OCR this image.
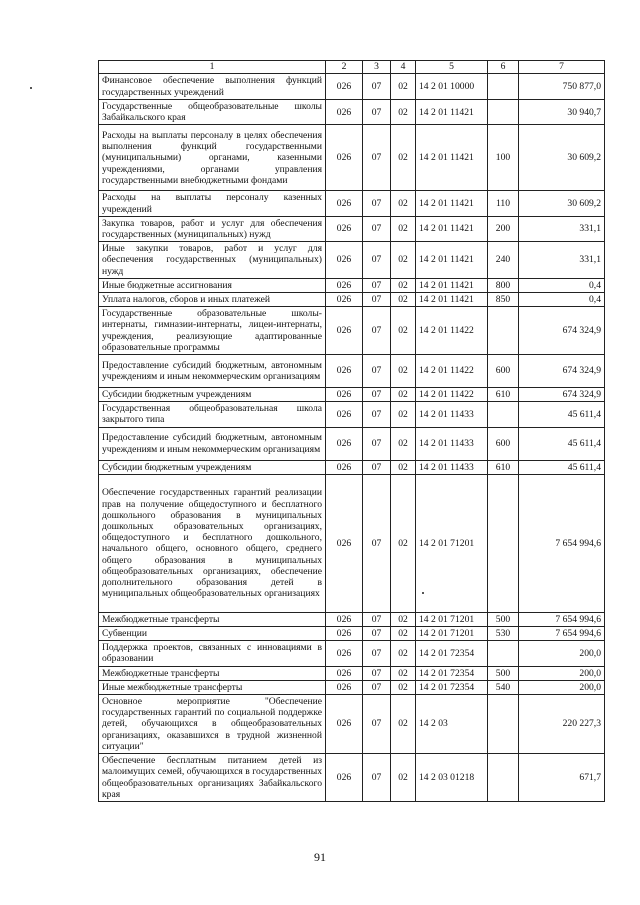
1	2	3	4	5	6	7
Финансовое обеспечение выполнения функций государственных учреждений	026	07	02	14 2 01 10000		750 877,0
Государственные общеобразовательные школы Забайкальского края	026	07	02	14 2 01 11421		30 940,7
Расходы на выплаты персоналу в целях обеспечения выполнения функций государственными (муниципальными) органами, казенными учреждениями, органами управления государственными внебюджетными фондами	026	07	02	14 2 01 11421	100	30 609,2
Расходы на выплаты персоналу казенных учреждений	026	07	02	14 2 01 11421	110	30 609,2
Закупка товаров, работ и услуг для обеспечения государственных (муниципальных) нужд	026	07	02	14 2 01 11421	200	331,1
Иные закупки товаров, работ и услуг для обеспечения государственных (муниципальных) нужд	026	07	02	14 2 01 11421	240	331,1
Иные бюджетные ассигнования	026	07	02	14 2 01 11421	800	0,4
Уплата налогов, сборов и иных платежей	026	07	02	14 2 01 11421	850	0,4
Государственные образовательные школы-интернаты, гимназии-интернаты, лицеи-интернаты, учреждения, реализующие адаптированные образовательные программы	026	07	02	14 2 01 11422		674 324,9
Предоставление субсидий бюджетным, автономным учреждениям и иным некоммерческим организациям	026	07	02	14 2 01 11422	600	674 324,9
Субсидии бюджетным учреждениям	026	07	02	14 2 01 11422	610	674 324,9
Государственная общеобразовательная школа закрытого типа	026	07	02	14 2 01 11433		45 611,4
Предоставление субсидий бюджетным, автономным учреждениям и иным некоммерческим организациям	026	07	02	14 2 01 11433	600	45 611,4
Субсидии бюджетным учреждениям	026	07	02	14 2 01 11433	610	45 611,4
Обеспечение государственных гарантий реализации прав на получение общедоступного и бесплатного дошкольного образования в муниципальных дошкольных образовательных организациях, общедоступного и бесплатного дошкольного, начального общего, основного общего, среднего общего образования в муниципальных общеобразовательных организациях, обеспечение дополнительного образования детей в муниципальных общеобразовательных организациях	026	07	02	14 2 01 71201		7 654 994,6
Межбюджетные трансферты	026	07	02	14 2 01 71201	500	7 654 994,6
Субвенции	026	07	02	14 2 01 71201	530	7 654 994,6
Поддержка проектов, связанных с инновациями в образовании	026	07	02	14 2 01 72354		200,0
Межбюджетные трансферты	026	07	02	14 2 01 72354	500	200,0
Иные межбюджетные трансферты	026	07	02	14 2 01 72354	540	200,0
Основное мероприятие "Обеспечение государственных гарантий по социальной поддержке детей, обучающихся в общеобразовательных организациях, оказавшихся в трудной жизненной ситуации"	026	07	02	14 2 03		220 227,3
Обеспечение бесплатным питанием детей из малоимущих семей, обучающихся в государственных общеобразовательных организациях Забайкальского края	026	07	02	14 2 03 01218		671,7
91
